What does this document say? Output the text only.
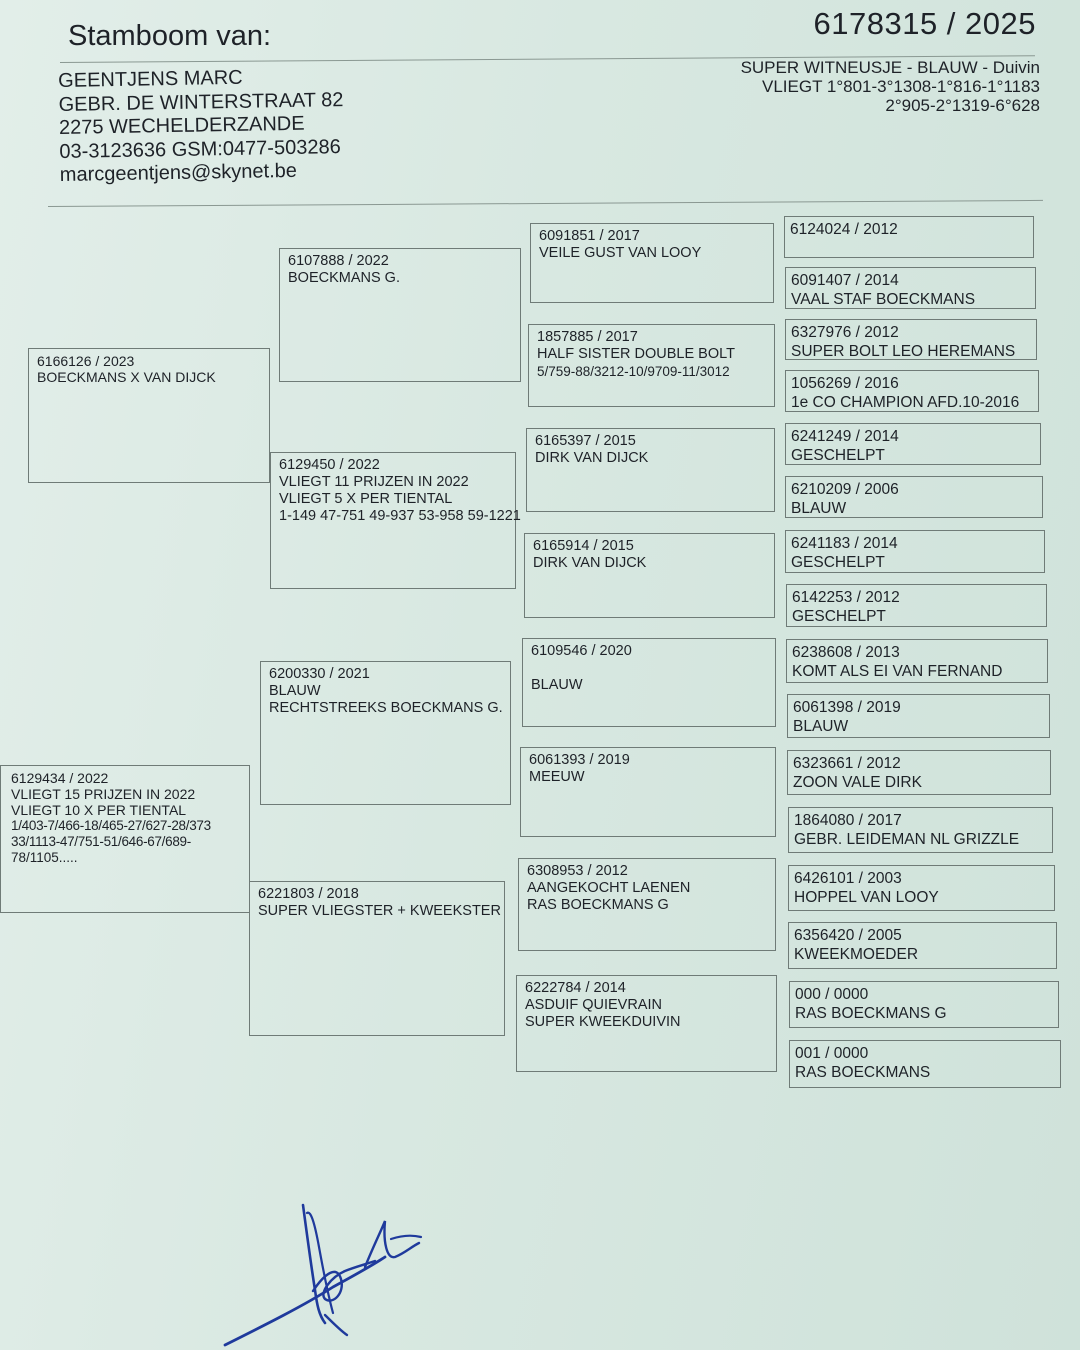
Stamboom van:	6178315 / 2025
GEENTJENS MARC
GEBR. DE WINTERSTRAAT 82
2275 WECHELDERZANDE
03-3123636 GSM:0477-503286
marcgeentjens@skynet.be
SUPER WITNEUSJE - BLAUW - Duivin
VLIEGT 1°801-3°1308-1°816-1°1183
2°905-2°1319-6°628
6166126 / 2023
BOECKMANS X VAN DIJCK
6129434 / 2022
VLIEGT 15 PRIJZEN IN 2022
VLIEGT 10 X PER TIENTAL
1/403-7/466-18/465-27/627-28/373
33/1113-47/751-51/646-67/689-
78/1105.....
6107888 / 2022
BOECKMANS G.
6129450 / 2022
VLIEGT 11 PRIJZEN IN 2022
VLIEGT 5 X PER TIENTAL
1-149 47-751 49-937 53-958 59-1221
6200330 / 2021
BLAUW
RECHTSTREEKS BOECKMANS G.
6221803 / 2018
SUPER VLIEGSTER + KWEEKSTER
6091851 / 2017
VEILE GUST VAN LOOY
1857885 / 2017
HALF SISTER DOUBLE BOLT
5/759-88/3212-10/9709-11/3012
6165397 / 2015
DIRK VAN DIJCK
6165914 / 2015
DIRK VAN DIJCK
6109546 / 2020
BLAUW
6061393 / 2019
MEEUW
6308953 / 2012
AANGEKOCHT LAENEN
RAS BOECKMANS G
6222784 / 2014
ASDUIF QUIEVRAIN
SUPER KWEEKDUIVIN
6124024 / 2012
6091407 / 2014
VAAL STAF BOECKMANS
6327976 / 2012
SUPER BOLT LEO HEREMANS
1056269 / 2016
1e CO CHAMPION AFD.10-2016
6241249 / 2014
GESCHELPT
6210209 / 2006
BLAUW
6241183 / 2014
GESCHELPT
6142253 / 2012
GESCHELPT
6238608 / 2013
KOMT ALS EI VAN FERNAND
6061398 / 2019
BLAUW
6323661 / 2012
ZOON VALE DIRK
1864080 / 2017
GEBR. LEIDEMAN NL GRIZZLE
6426101 / 2003
HOPPEL VAN LOOY
6356420 / 2005
KWEEKMOEDER
000 / 0000
RAS BOECKMANS G
001 / 0000
RAS BOECKMANS
